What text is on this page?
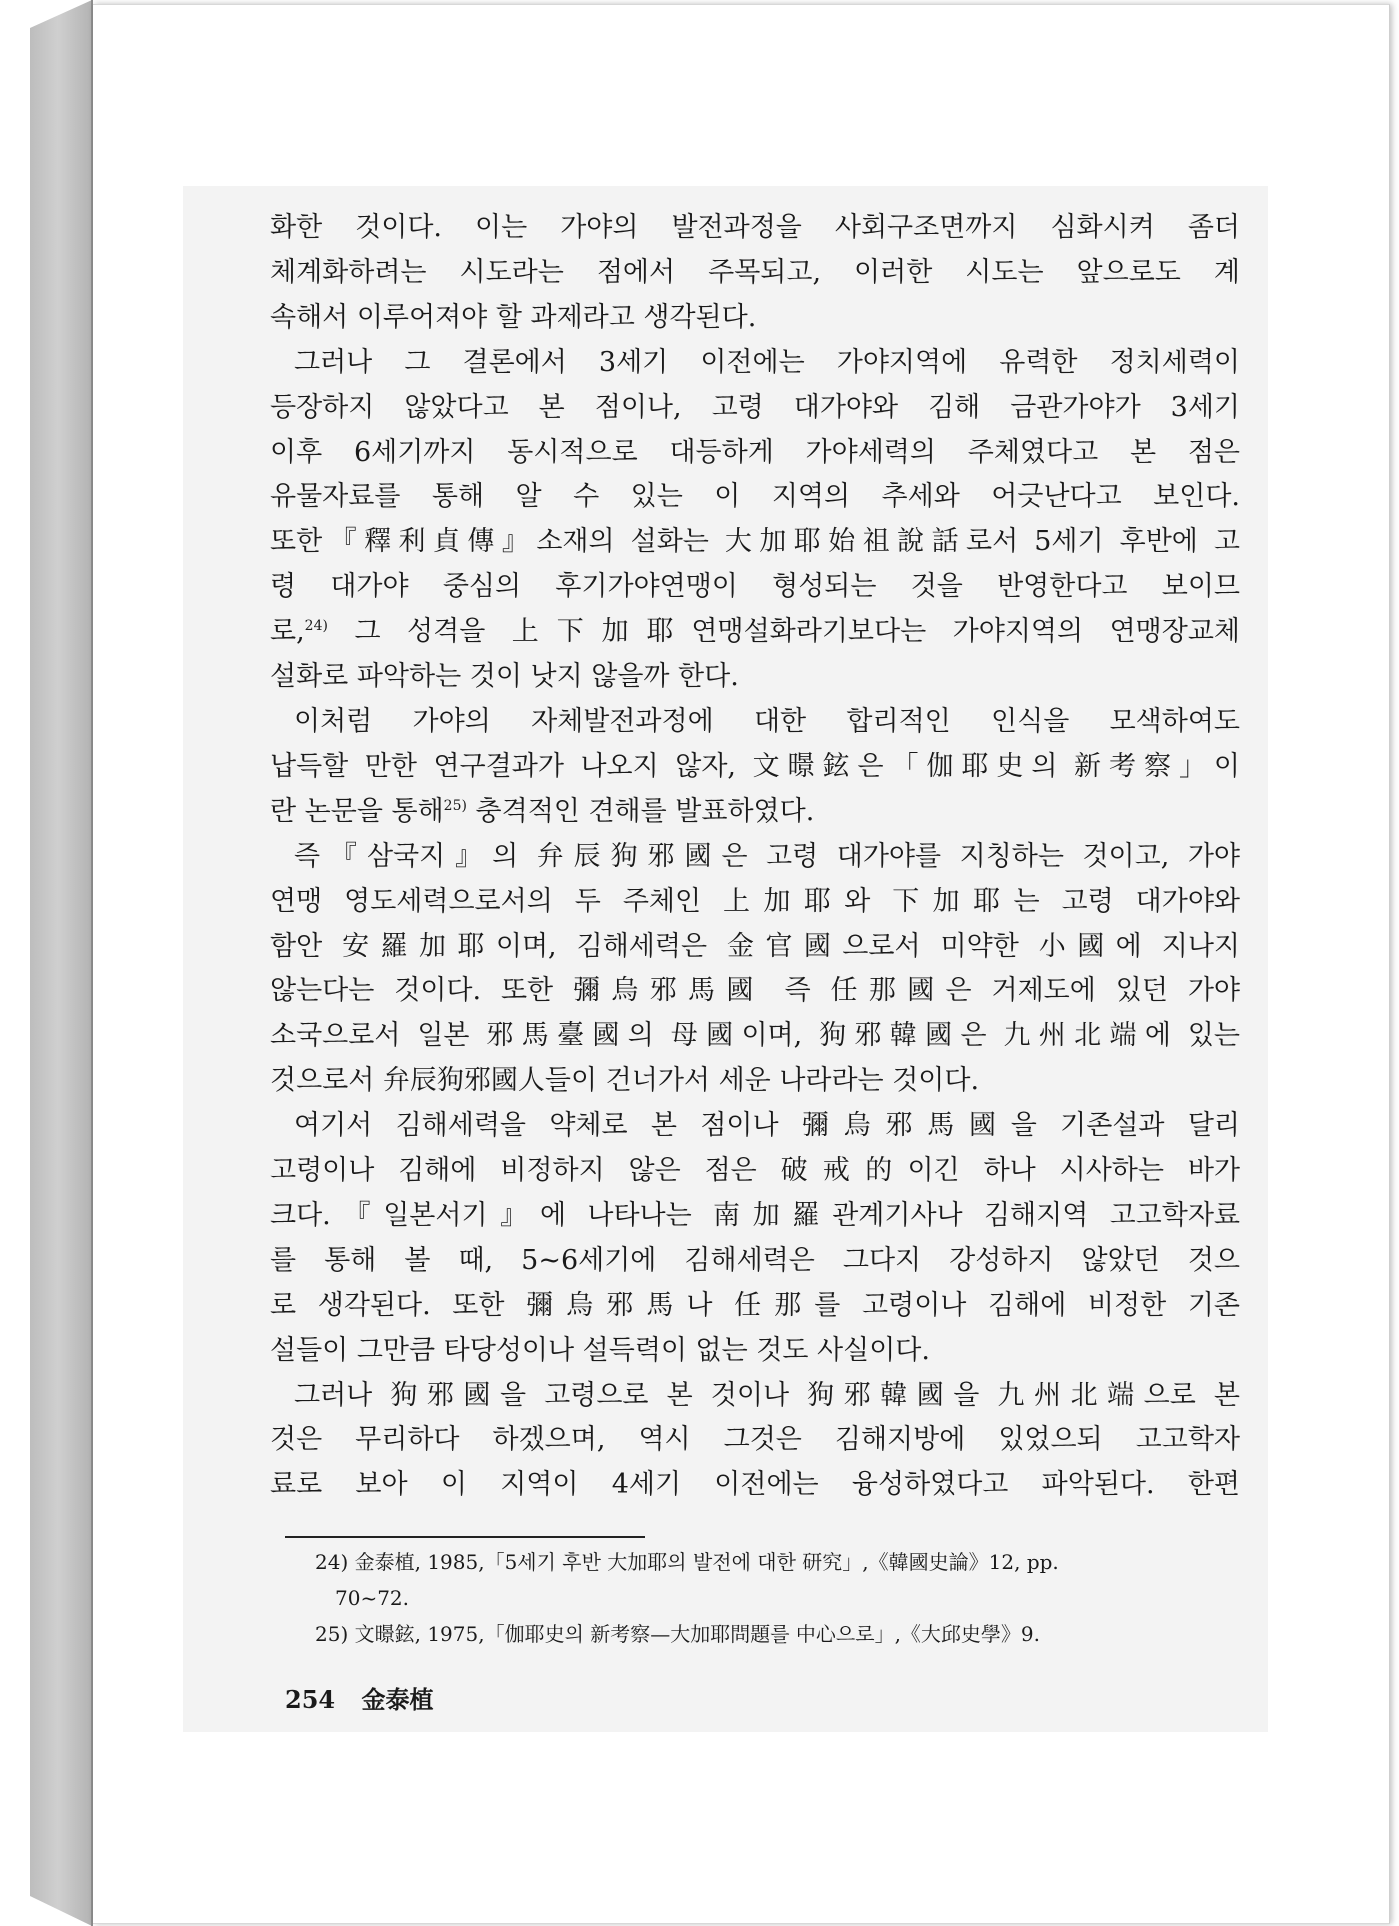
화한 것이다. 이는 가야의 발전과정을 사회구조면까지 심화시켜 좀더

체계화하려는 시도라는 점에서 주목되고, 이러한 시도는 앞으로도 계

속해서 이루어져야 할 과제라고 생각된다.

그러나 그 결론에서 3세기 이전에는 가야지역에 유력한 정치세력이

등장하지 않았다고 본 점이나, 고령 대가야와 김해 금관가야가 3세기

이후 6세기까지 동시적으로 대등하게 가야세력의 주체였다고 본 점은

유물자료를 통해 알 수 있는 이 지역의 추세와 어긋난다고 보인다.

또한『釋利貞傳』소재의 설화는 大加耶始祖說話로서 5세기 후반에 고

령 대가야 중심의 후기가야연맹이 형성되는 것을 반영한다고 보이므

로,$^{24)}$ 그 성격을 上下加耶연맹설화라기보다는 가야지역의 연맹장교체

설화로 파악하는 것이 낫지 않을까 한다.

이처럼 가야의 자체발전과정에 대한 합리적인 인식을 모색하여도

납득할 만한 연구결과가 나오지 않자, 文暻鉉은「伽耶史의 新考察」이

란 논문을 통해$^{25)}$ 충격적인 견해를 발표하였다.

즉『삼국지』의 弁辰狗邪國은 고령 대가야를 지칭하는 것이고, 가야

연맹 영도세력으로서의 두 주체인 上加耶와 下加耶는 고령 대가야와

함안 安羅加耶이며, 김해세력은 金官國으로서 미약한 小國에 지나지

않는다는 것이다. 또한 彌烏邪馬國 즉 任那國은 거제도에 있던 가야

소국으로서 일본 邪馬臺國의 母國이며, 狗邪韓國은 九州北端에 있는

것으로서 弁辰狗邪國人들이 건너가서 세운 나라라는 것이다.

여기서 김해세력을 약체로 본 점이나 彌烏邪馬國을 기존설과 달리

고령이나 김해에 비정하지 않은 점은 破戒的이긴 하나 시사하는 바가

크다.『일본서기』에 나타나는 南加羅관계기사나 김해지역 고고학자료

를 통해 볼 때, 5~6세기에 김해세력은 그다지 강성하지 않았던 것으

로 생각된다. 또한 彌烏邪馬나 任那를 고령이나 김해에 비정한 기존

설들이 그만큼 타당성이나 설득력이 없는 것도 사실이다.

그러나 狗邪國을 고령으로 본 것이나 狗邪韓國을 九州北端으로 본

것은 무리하다 하겠으며, 역시 그것은 김해지방에 있었으되 고고학자

료로 보아 이 지역이 4세기 이전에는 융성하였다고 파악된다. 한편

24) 金泰植, 1985,「5세기 후반 大加耶의 발전에 대한 研究」,《韓國史論》12, pp.
70~72.

25) 文暻鉉, 1975,「伽耶史의 新考察—大加耶問題를 中心으로」,《大邱史學》9.

254 金泰植
